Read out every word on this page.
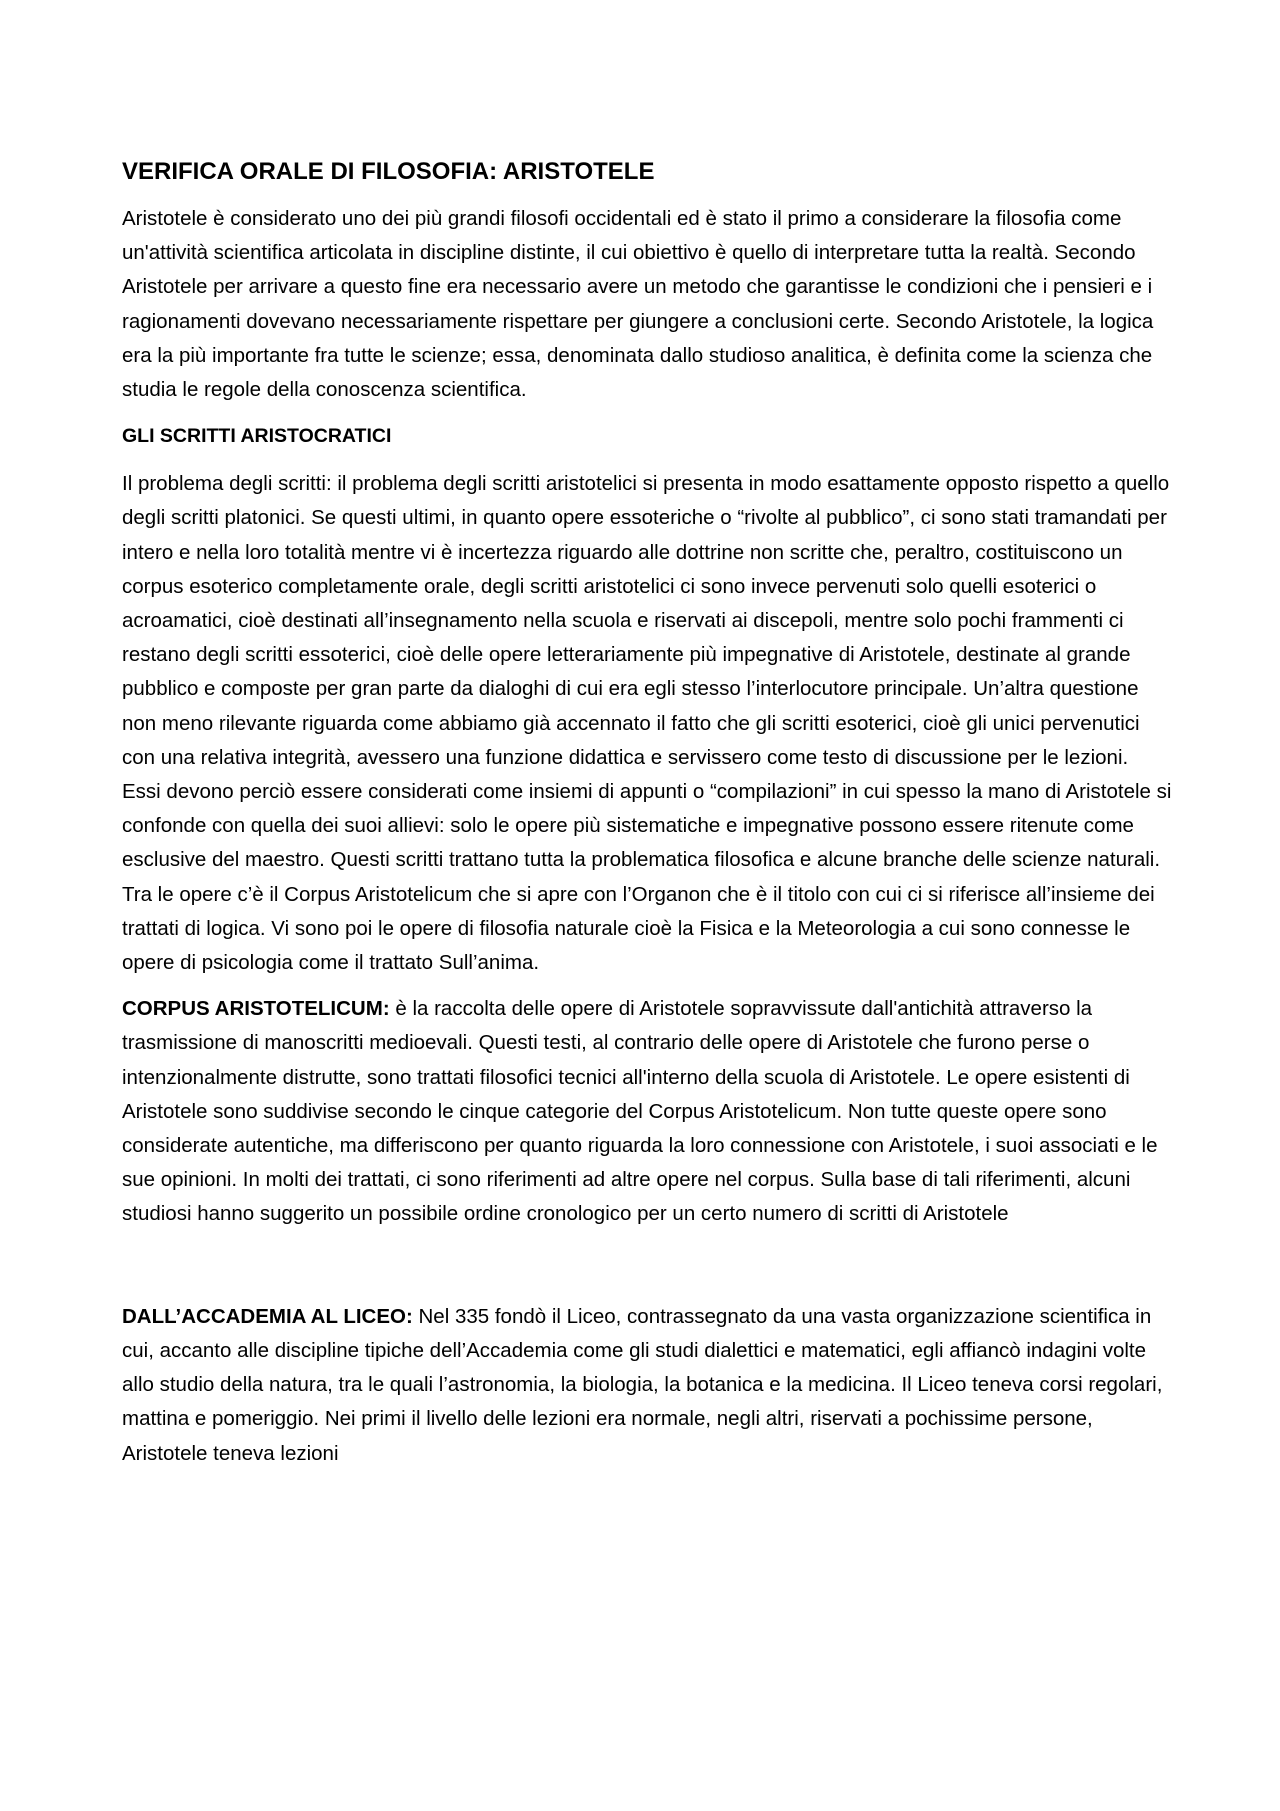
VERIFICA ORALE DI FILOSOFIA: ARISTOTELE

Aristotele è considerato uno dei più grandi filosofi occidentali ed è stato il primo a considerare la filosofia come un'attività scientifica articolata in discipline distinte, il cui obiettivo è quello di interpretare tutta la realtà. Secondo Aristotele per arrivare a questo fine era necessario avere un metodo che garantisse le condizioni che i pensieri e i ragionamenti dovevano necessariamente rispettare per giungere a conclusioni certe. Secondo Aristotele, la logica era la più importante fra tutte le scienze; essa, denominata dallo studioso analitica, è definita come la scienza che studia le regole della conoscenza scientifica.

GLI SCRITTI ARISTOCRATICI

Il problema degli scritti: il problema degli scritti aristotelici si presenta in modo esattamente opposto rispetto a quello degli scritti platonici. Se questi ultimi, in quanto opere essoteriche o “rivolte al pubblico”, ci sono stati tramandati per intero e nella loro totalità mentre vi è incertezza riguardo alle dottrine non scritte che, peraltro, costituiscono un corpus esoterico completamente orale, degli scritti aristotelici ci sono invece pervenuti solo quelli esoterici o acroamatici, cioè destinati all’insegnamento nella scuola e riservati ai discepoli, mentre solo pochi frammenti ci restano degli scritti essoterici, cioè delle opere letterariamente più impegnative di Aristotele, destinate al grande pubblico e composte per gran parte da dialoghi di cui era egli stesso l’interlocutore principale. Un’altra questione non meno rilevante riguarda come abbiamo già accennato il fatto che gli scritti esoterici, cioè gli unici pervenutici con una relativa integrità, avessero una funzione didattica e servissero come testo di discussione per le lezioni. Essi devono perciò essere considerati come insiemi di appunti o “compilazioni” in cui spesso la mano di Aristotele si confonde con quella dei suoi allievi: solo le opere più sistematiche e impegnative possono essere ritenute come esclusive del maestro. Questi scritti trattano tutta la problematica filosofica e alcune branche delle scienze naturali. Tra le opere c’è il Corpus Aristotelicum che si apre con l’Organon che è il titolo con cui ci si riferisce all’insieme dei trattati di logica. Vi sono poi le opere di filosofia naturale cioè la Fisica e la Meteorologia a cui sono connesse le opere di psicologia come il trattato Sull’anima.

CORPUS ARISTOTELICUM: è la raccolta delle opere di Aristotele sopravvissute dall'antichità attraverso la trasmissione di manoscritti medioevali. Questi testi, al contrario delle opere di Aristotele che furono perse o intenzionalmente distrutte, sono trattati filosofici tecnici all'interno della scuola di Aristotele. Le opere esistenti di Aristotele sono suddivise secondo le cinque categorie del Corpus Aristotelicum. Non tutte queste opere sono considerate autentiche, ma differiscono per quanto riguarda la loro connessione con Aristotele, i suoi associati e le sue opinioni. In molti dei trattati, ci sono riferimenti ad altre opere nel corpus. Sulla base di tali riferimenti, alcuni studiosi hanno suggerito un possibile ordine cronologico per un certo numero di scritti di Aristotele

DALL’ACCADEMIA AL LICEO: Nel 335 fondò il Liceo, contrassegnato da una vasta organizzazione scientifica in cui, accanto alle discipline tipiche dell’Accademia come gli studi dialettici e matematici, egli affiancò indagini volte allo studio della natura, tra le quali l’astronomia, la biologia, la botanica e la medicina. Il Liceo teneva corsi regolari, mattina e pomeriggio. Nei primi il livello delle lezioni era normale, negli altri, riservati a pochissime persone, Aristotele teneva lezioni
